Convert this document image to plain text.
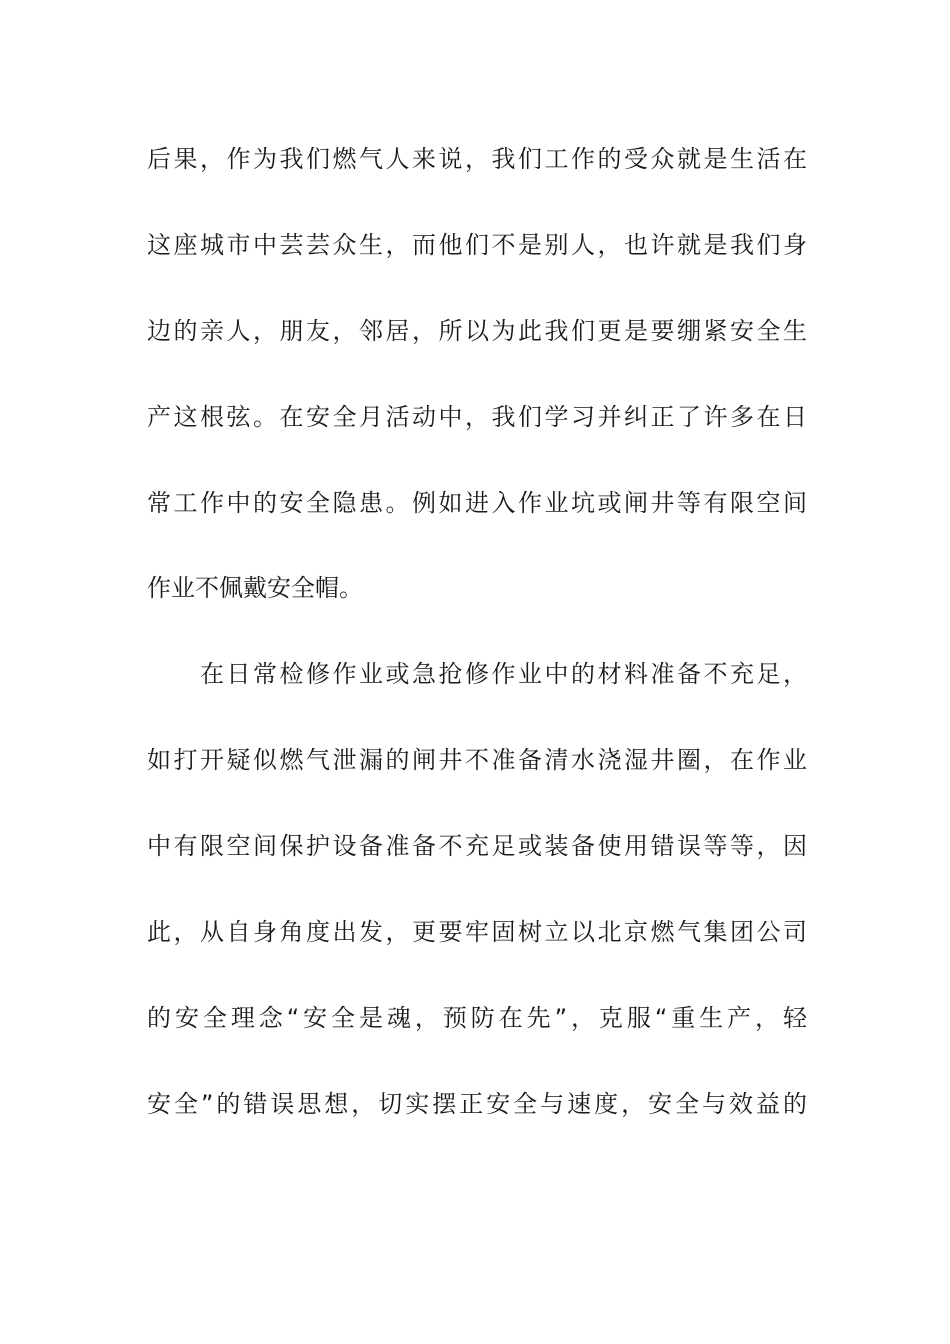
后果，作为我们燃气人来说，我们工作的受众就是生活在
这座城市中芸芸众生，而他们不是别人，也许就是我们身
边的亲人，朋友，邻居，所以为此我们更是要绷紧安全生
产这根弦。在安全月活动中，我们学习并纠正了许多在日
常工作中的安全隐患。例如进入作业坑或闸井等有限空间
作业不佩戴安全帽。
在日常检修作业或急抢修作业中的材料准备不充足，
如打开疑似燃气泄漏的闸井不准备清水浇湿井圈，在作业
中有限空间保护设备准备不充足或装备使用错误等等，因
此，从自身角度出发，更要牢固树立以北京燃气集团公司
的安全理念“安全是魂，预防在先”，克服“重生产，轻
安全”的错误思想，切实摆正安全与速度，安全与效益的
